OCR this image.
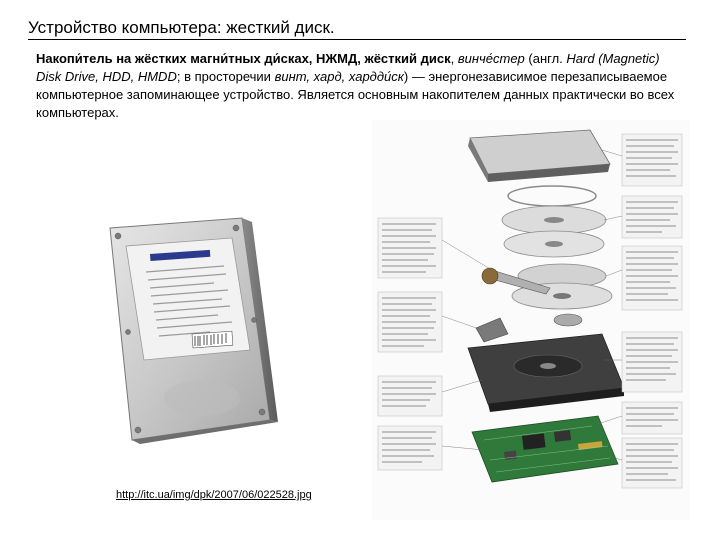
Устройство компьютера: жесткий диск.
Накопи́тель на жёстких магни́тных ди́сках, НЖМД, жёсткий диск, винче́стер (англ. Hard (Magnetic) Disk Drive, HDD, HMDD; в просторечии винт, хард, хардди́ск) — энергонезависимое перезаписываемое компьютерное запоминающее устройство. Является основным накопителем данных практически во всех компьютерах.
http://itc.ua/img/dpk/2007/06/022528.jpg
